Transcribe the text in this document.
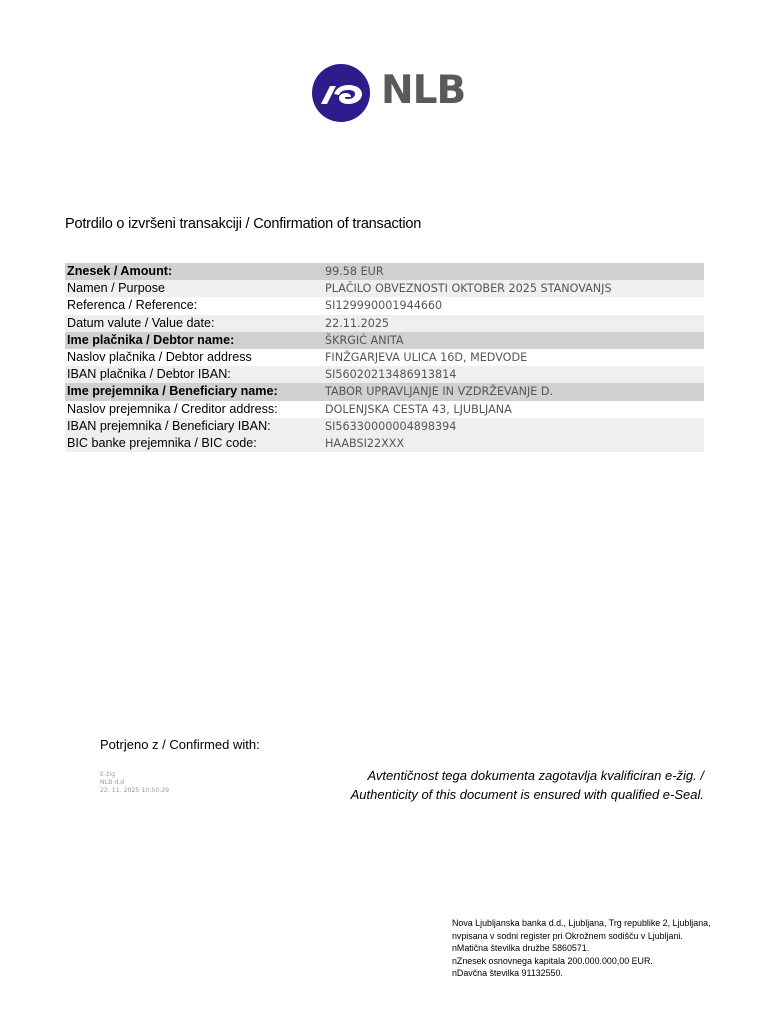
NLB
Potrdilo o izvršeni transakciji / Confirmation of transaction
Znesek / Amount:	99.58 EUR
Namen / Purpose	PLAČILO OBVEZNOSTI OKTOBER 2025 STANOVANJS
Referenca / Reference:	SI129990001944660
Datum valute / Value date:	22.11.2025
Ime plačnika / Debtor name:	ŠKRGIĆ ANITA
Naslov plačnika / Debtor address	FINŽGARJEVA ULICA 16D, MEDVODE
IBAN plačnika / Debtor IBAN:	SI56020213486913814
Ime prejemnika / Beneficiary name:	TABOR UPRAVLJANJE IN VZDRŽEVANJE D.
Naslov prejemnika / Creditor address:	DOLENJSKA CESTA 43, LJUBLJANA
IBAN prejemnika / Beneficiary IBAN:	SI56330000004898394
BIC banke prejemnika / BIC code:	HAABSI22XXX
Potrjeno z / Confirmed with:
E-žig
NLB d.d
22. 11. 2025 10:50:29
Avtentičnost tega dokumenta zagotavlja kvalificiran e-žig. /
Authenticity of this document is ensured with qualified e-Seal.
Nova Ljubljanska banka d.d., Ljubljana, Trg republike 2, Ljubljana,
nvpisana v sodni register pri Okrožnem sodišču v Ljubljani.
nMatična številka družbe 5860571.
nZnesek osnovnega kapitala 200.000.000,00 EUR.
nDavčna številka 91132550.
